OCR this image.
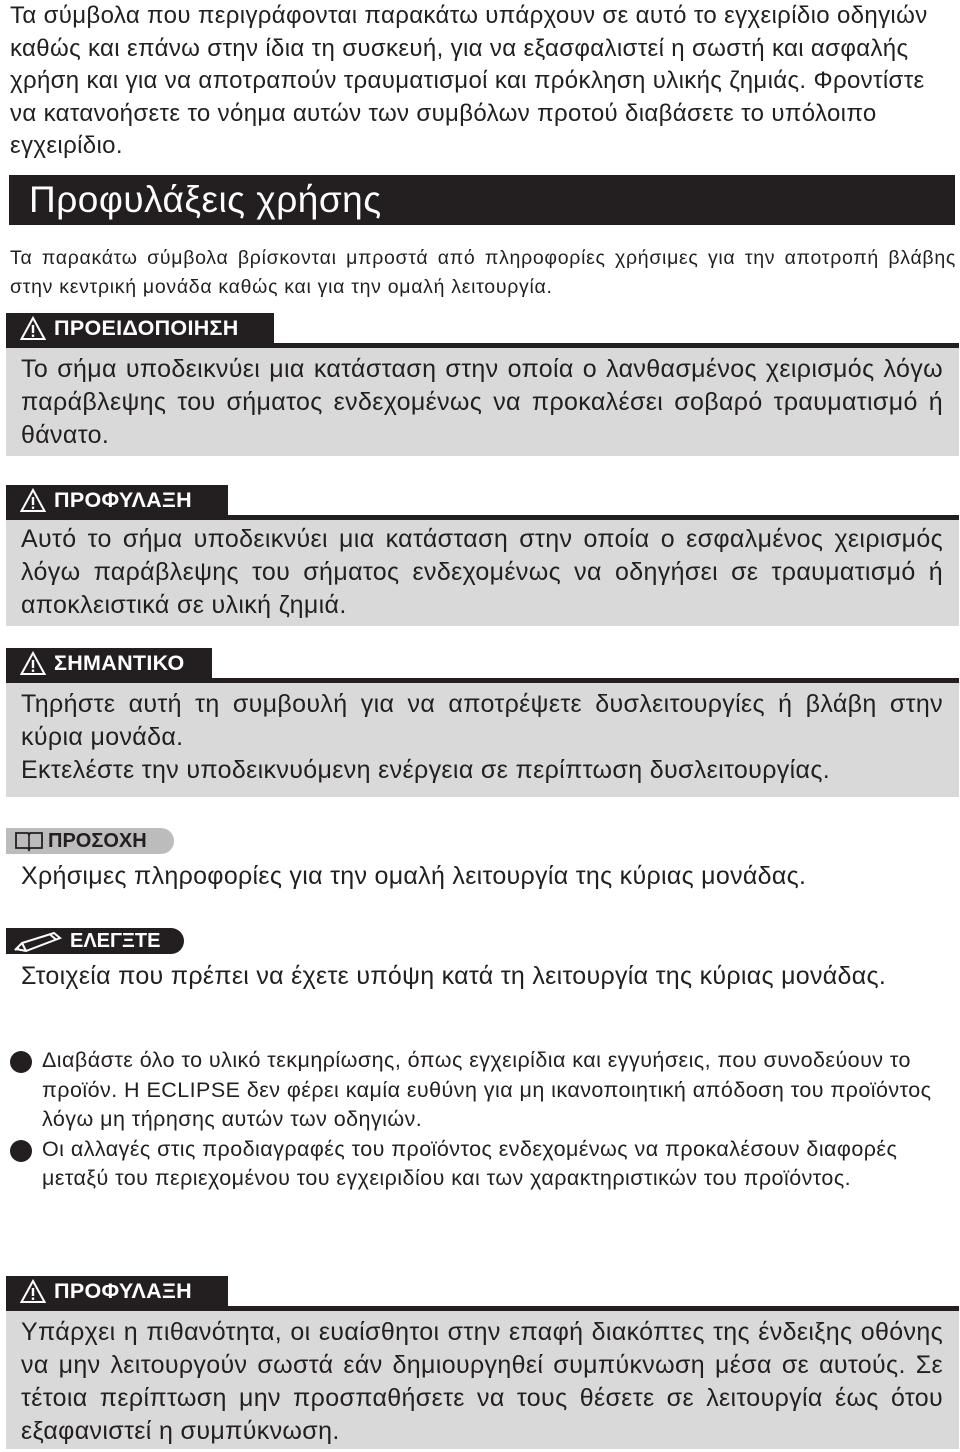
Τα σύμβολα που περιγράφονται παρακάτω υπάρχουν σε αυτό το εγχειρίδιο οδηγιών καθώς και επάνω στην ίδια τη συσκευή, για να εξασφαλιστεί η σωστή και ασφαλής χρήση και για να αποτραπούν τραυματισμοί και πρόκληση υλικής ζημιάς. Φροντίστε να κατανοήσετε το νόημα αυτών των συμβόλων προτού διαβάσετε το υπόλοιπο εγχειρίδιο.
Προφυλάξεις χρήσης
Τα παρακάτω σύμβολα βρίσκονται μπροστά από πληροφορίες χρήσιμες για την αποτροπή βλάβης στην κεντρική μονάδα καθώς και για την ομαλή λειτουργία.
ΠΡΟΕΙΔΟΠΟΙΗΣΗ
Το σήμα υποδεικνύει μια κατάσταση στην οποία ο λανθασμένος χειρισμός λόγω παράβλεψης του σήματος ενδεχομένως να προκαλέσει σοβαρό τραυματισμό ή θάνατο.
ΠΡΟΦΥΛΑΞΗ
Αυτό το σήμα υποδεικνύει μια κατάσταση στην οποία ο εσφαλμένος χειρισμός λόγω παράβλεψης του σήματος ενδεχομένως να οδηγήσει σε τραυματισμό ή αποκλειστικά σε υλική ζημιά.
ΣΗΜΑΝΤΙΚΟ
Τηρήστε αυτή τη συμβουλή για να αποτρέψετε δυσλειτουργίες ή βλάβη στην κύρια μονάδα.
Εκτελέστε την υποδεικνυόμενη ενέργεια σε περίπτωση δυσλειτουργίας.
ΠΡΟΣΟΧΗ
Χρήσιμες πληροφορίες για την ομαλή λειτουργία της κύριας μονάδας.
ΕΛΕΓΞΤΕ
Στοιχεία που πρέπει να έχετε υπόψη κατά τη λειτουργία της κύριας μονάδας.
Διαβάστε όλο το υλικό τεκμηρίωσης, όπως εγχειρίδια και εγγυήσεις, που συνοδεύουν το προϊόν. Η ECLIPSE δεν φέρει καμία ευθύνη για μη ικανοποιητική απόδοση του προϊόντος λόγω μη τήρησης αυτών των οδηγιών.
Οι αλλαγές στις προδιαγραφές του προϊόντος ενδεχομένως να προκαλέσουν διαφορές μεταξύ του περιεχομένου του εγχειριδίου και των χαρακτηριστικών του προϊόντος.
ΠΡΟΦΥΛΑΞΗ
Υπάρχει η πιθανότητα, οι ευαίσθητοι στην επαφή διακόπτες της ένδειξης οθόνης να μην λειτουργούν σωστά εάν δημιουργηθεί συμπύκνωση μέσα σε αυτούς. Σε τέτοια περίπτωση μην προσπαθήσετε να τους θέσετε σε λειτουργία έως ότου εξαφανιστεί η συμπύκνωση.
